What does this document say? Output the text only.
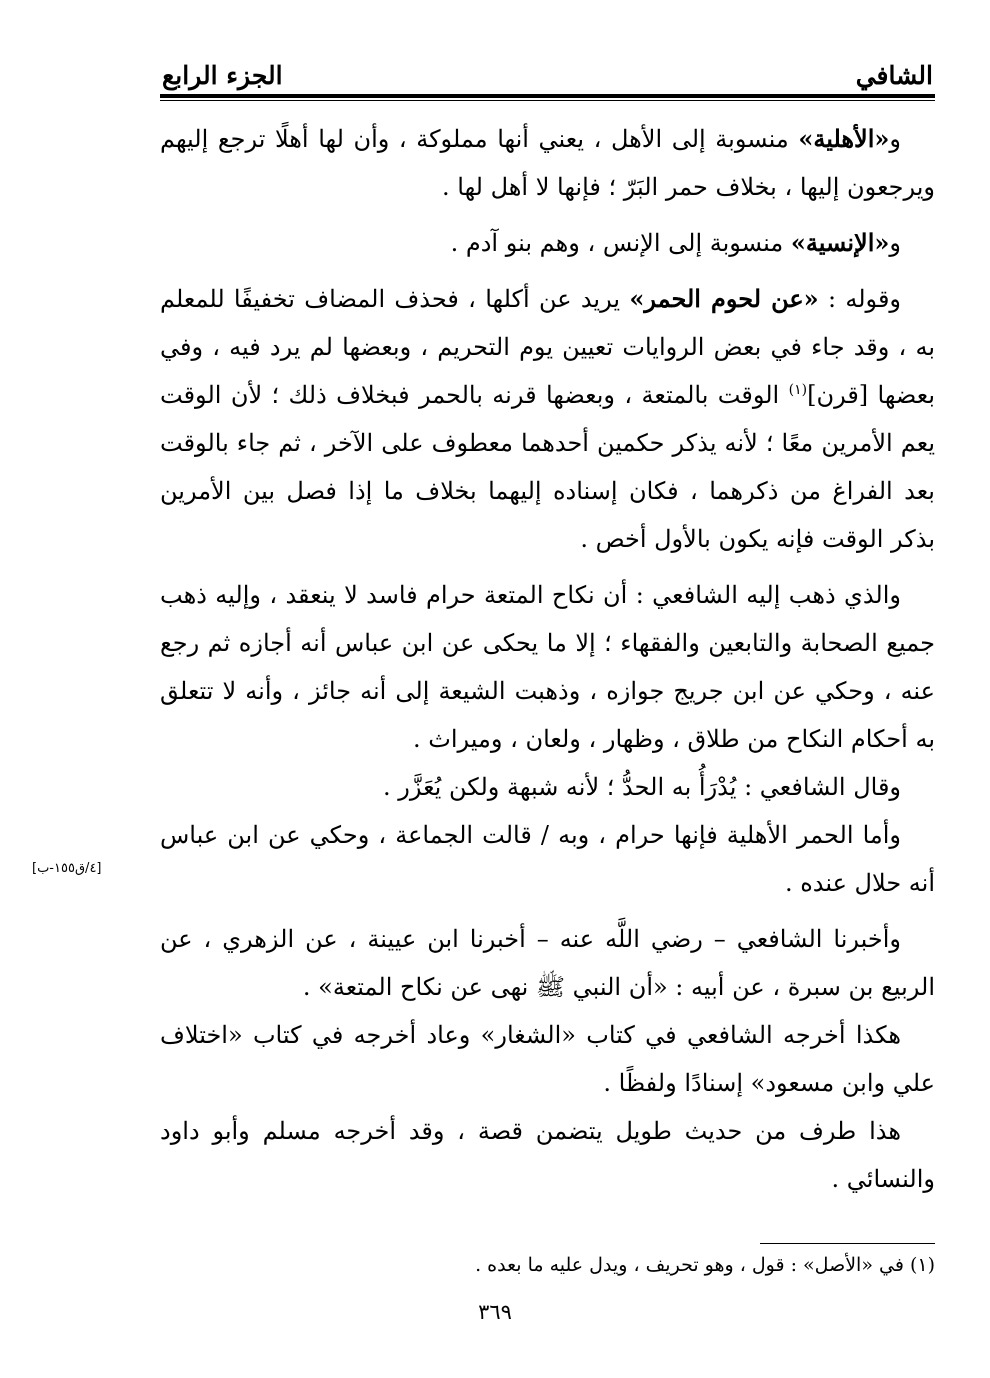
الشافي
الجزء الرابع

و«الأهلية» منسوبة إلى الأهل ، يعني أنها مملوكة ، وأن لها أهلًا ترجع إليهم ويرجعون إليها ، بخلاف حمر البَرّ ؛ فإنها لا أهل لها .

و«الإنسية» منسوبة إلى الإنس ، وهم بنو آدم .

وقوله : «عن لحوم الحمر» يريد عن أكلها ، فحذف المضاف تخفيفًا للمعلم به ، وقد جاء في بعض الروايات تعيين يوم التحريم ، وبعضها لم يرد فيه ، وفي بعضها [قرن]$^{(١)}$ الوقت بالمتعة ، وبعضها قرنه بالحمر فبخلاف ذلك ؛ لأن الوقت يعم الأمرين معًا ؛ لأنه يذكر حكمين أحدهما معطوف على الآخر ، ثم جاء بالوقت بعد الفراغ من ذكرهما ، فكان إسناده إليهما بخلاف ما إذا فصل بين الأمرين بذكر الوقت فإنه يكون بالأول أخص .

والذي ذهب إليه الشافعي : أن نكاح المتعة حرام فاسد لا ينعقد ، وإليه ذهب جميع الصحابة والتابعين والفقهاء ؛ إلا ما يحكى عن ابن عباس أنه أجازه ثم رجع عنه ، وحكي عن ابن جريج جوازه ، وذهبت الشيعة إلى أنه جائز ، وأنه لا تتعلق به أحكام النكاح من طلاق ، وظهار ، ولعان ، وميراث .

وقال الشافعي : يُدْرَأُ به الحدُّ ؛ لأنه شبهة ولكن يُعَزَّر .

وأما الحمر الأهلية فإنها حرام ، وبه / قالت الجماعة ، وحكي عن ابن عباس أنه حلال عنده .

وأخبرنا الشافعي – رضي اللَّه عنه – أخبرنا ابن عيينة ، عن الزهري ، عن الربيع بن سبرة ، عن أبيه : «أن النبي ﷺ نهى عن نكاح المتعة» .

هكذا أخرجه الشافعي في كتاب «الشغار» وعاد أخرجه في كتاب «اختلاف علي وابن مسعود» إسنادًا ولفظًا .

هذا طرف من حديث طويل يتضمن قصة ، وقد أخرجه مسلم وأبو داود والنسائي .

[٤/ق١٥٥-ب]
(١) في «الأصل» : قول ، وهو تحريف ، ويدل عليه ما بعده .
٣٦٩
